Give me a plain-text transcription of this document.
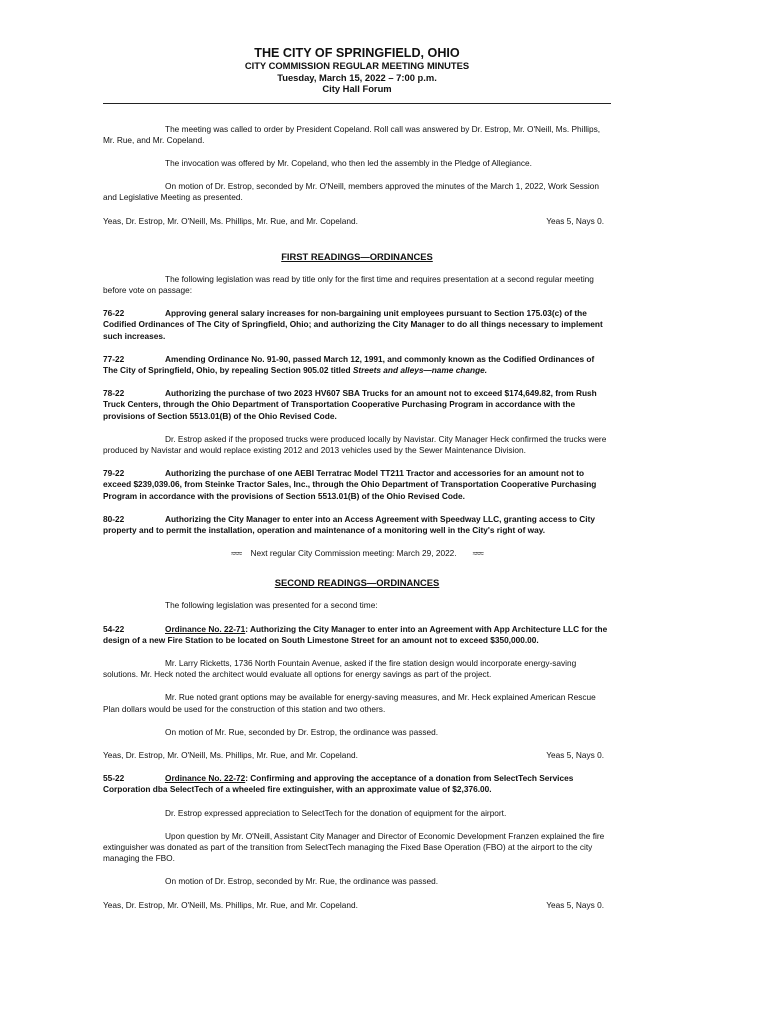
THE CITY OF SPRINGFIELD, OHIO
CITY COMMISSION REGULAR MEETING MINUTES
Tuesday, March 15, 2022 – 7:00 p.m.
City Hall Forum

The meeting was called to order by President Copeland. Roll call was answered by Dr. Estrop, Mr. O'Neill, Ms. Phillips, Mr. Rue, and Mr. Copeland.

The invocation was offered by Mr. Copeland, who then led the assembly in the Pledge of Allegiance.

On motion of Dr. Estrop, seconded by Mr. O'Neill, members approved the minutes of the March 1, 2022, Work Session and Legislative Meeting as presented.

Yeas, Dr. Estrop, Mr. O'Neill, Ms. Phillips, Mr. Rue, and Mr. Copeland.	Yeas 5, Nays 0.
FIRST READINGS—ORDINANCES

The following legislation was read by title only for the first time and requires presentation at a second regular meeting before vote on passage:

76-22	Approving general salary increases for non-bargaining unit employees pursuant to Section 175.03(c) of the Codified Ordinances of The City of Springfield, Ohio; and authorizing the City Manager to do all things necessary to implement such increases.

77-22	Amending Ordinance No. 91-90, passed March 12, 1991, and commonly known as the Codified Ordinances of The City of Springfield, Ohio, by repealing Section 905.02 titled Streets and alleys—name change.

78-22	Authorizing the purchase of two 2023 HV607 SBA Trucks for an amount not to exceed $174,649.82, from Rush Truck Centers, through the Ohio Department of Transportation Cooperative Purchasing Program in accordance with the provisions of Section 5513.01(B) of the Ohio Revised Code.

Dr. Estrop asked if the proposed trucks were produced locally by Navistar. City Manager Heck confirmed the trucks were produced by Navistar and would replace existing 2012 and 2013 vehicles used by the Sewer Maintenance Division.

79-22	Authorizing the purchase of one AEBI Terratrac Model TT211 Tractor and accessories for an amount not to exceed $239,039.06, from Steinke Tractor Sales, Inc., through the Ohio Department of Transportation Cooperative Purchasing Program in accordance with the provisions of Section 5513.01(B) of the Ohio Revised Code.

80-22	Authorizing the City Manager to enter into an Access Agreement with Speedway LLC, granting access to City property and to permit the installation, operation and maintenance of a monitoring well in the City's right of way.

≈≈≈ Next regular City Commission meeting: March 29, 2022. ≈≈≈
SECOND READINGS—ORDINANCES

The following legislation was presented for a second time:

54-22	Ordinance No. 22-71: Authorizing the City Manager to enter into an Agreement with App Architecture LLC for the design of a new Fire Station to be located on South Limestone Street for an amount not to exceed $350,000.00.

Mr. Larry Ricketts, 1736 North Fountain Avenue, asked if the fire station design would incorporate energy-saving solutions. Mr. Heck noted the architect would evaluate all options for energy savings as part of the project.

Mr. Rue noted grant options may be available for energy-saving measures, and Mr. Heck explained American Rescue Plan dollars would be used for the construction of this station and two others.

On motion of Mr. Rue, seconded by Dr. Estrop, the ordinance was passed.

Yeas, Dr. Estrop, Mr. O'Neill, Ms. Phillips, Mr. Rue, and Mr. Copeland.	Yeas 5, Nays 0.

55-22	Ordinance No. 22-72: Confirming and approving the acceptance of a donation from SelectTech Services Corporation dba SelectTech of a wheeled fire extinguisher, with an approximate value of $2,376.00.

Dr. Estrop expressed appreciation to SelectTech for the donation of equipment for the airport.

Upon question by Mr. O'Neill, Assistant City Manager and Director of Economic Development Franzen explained the fire extinguisher was donated as part of the transition from SelectTech managing the Fixed Base Operation (FBO) at the airport to the city managing the FBO.

On motion of Dr. Estrop, seconded by Mr. Rue, the ordinance was passed.

Yeas, Dr. Estrop, Mr. O'Neill, Ms. Phillips, Mr. Rue, and Mr. Copeland.	Yeas 5, Nays 0.
